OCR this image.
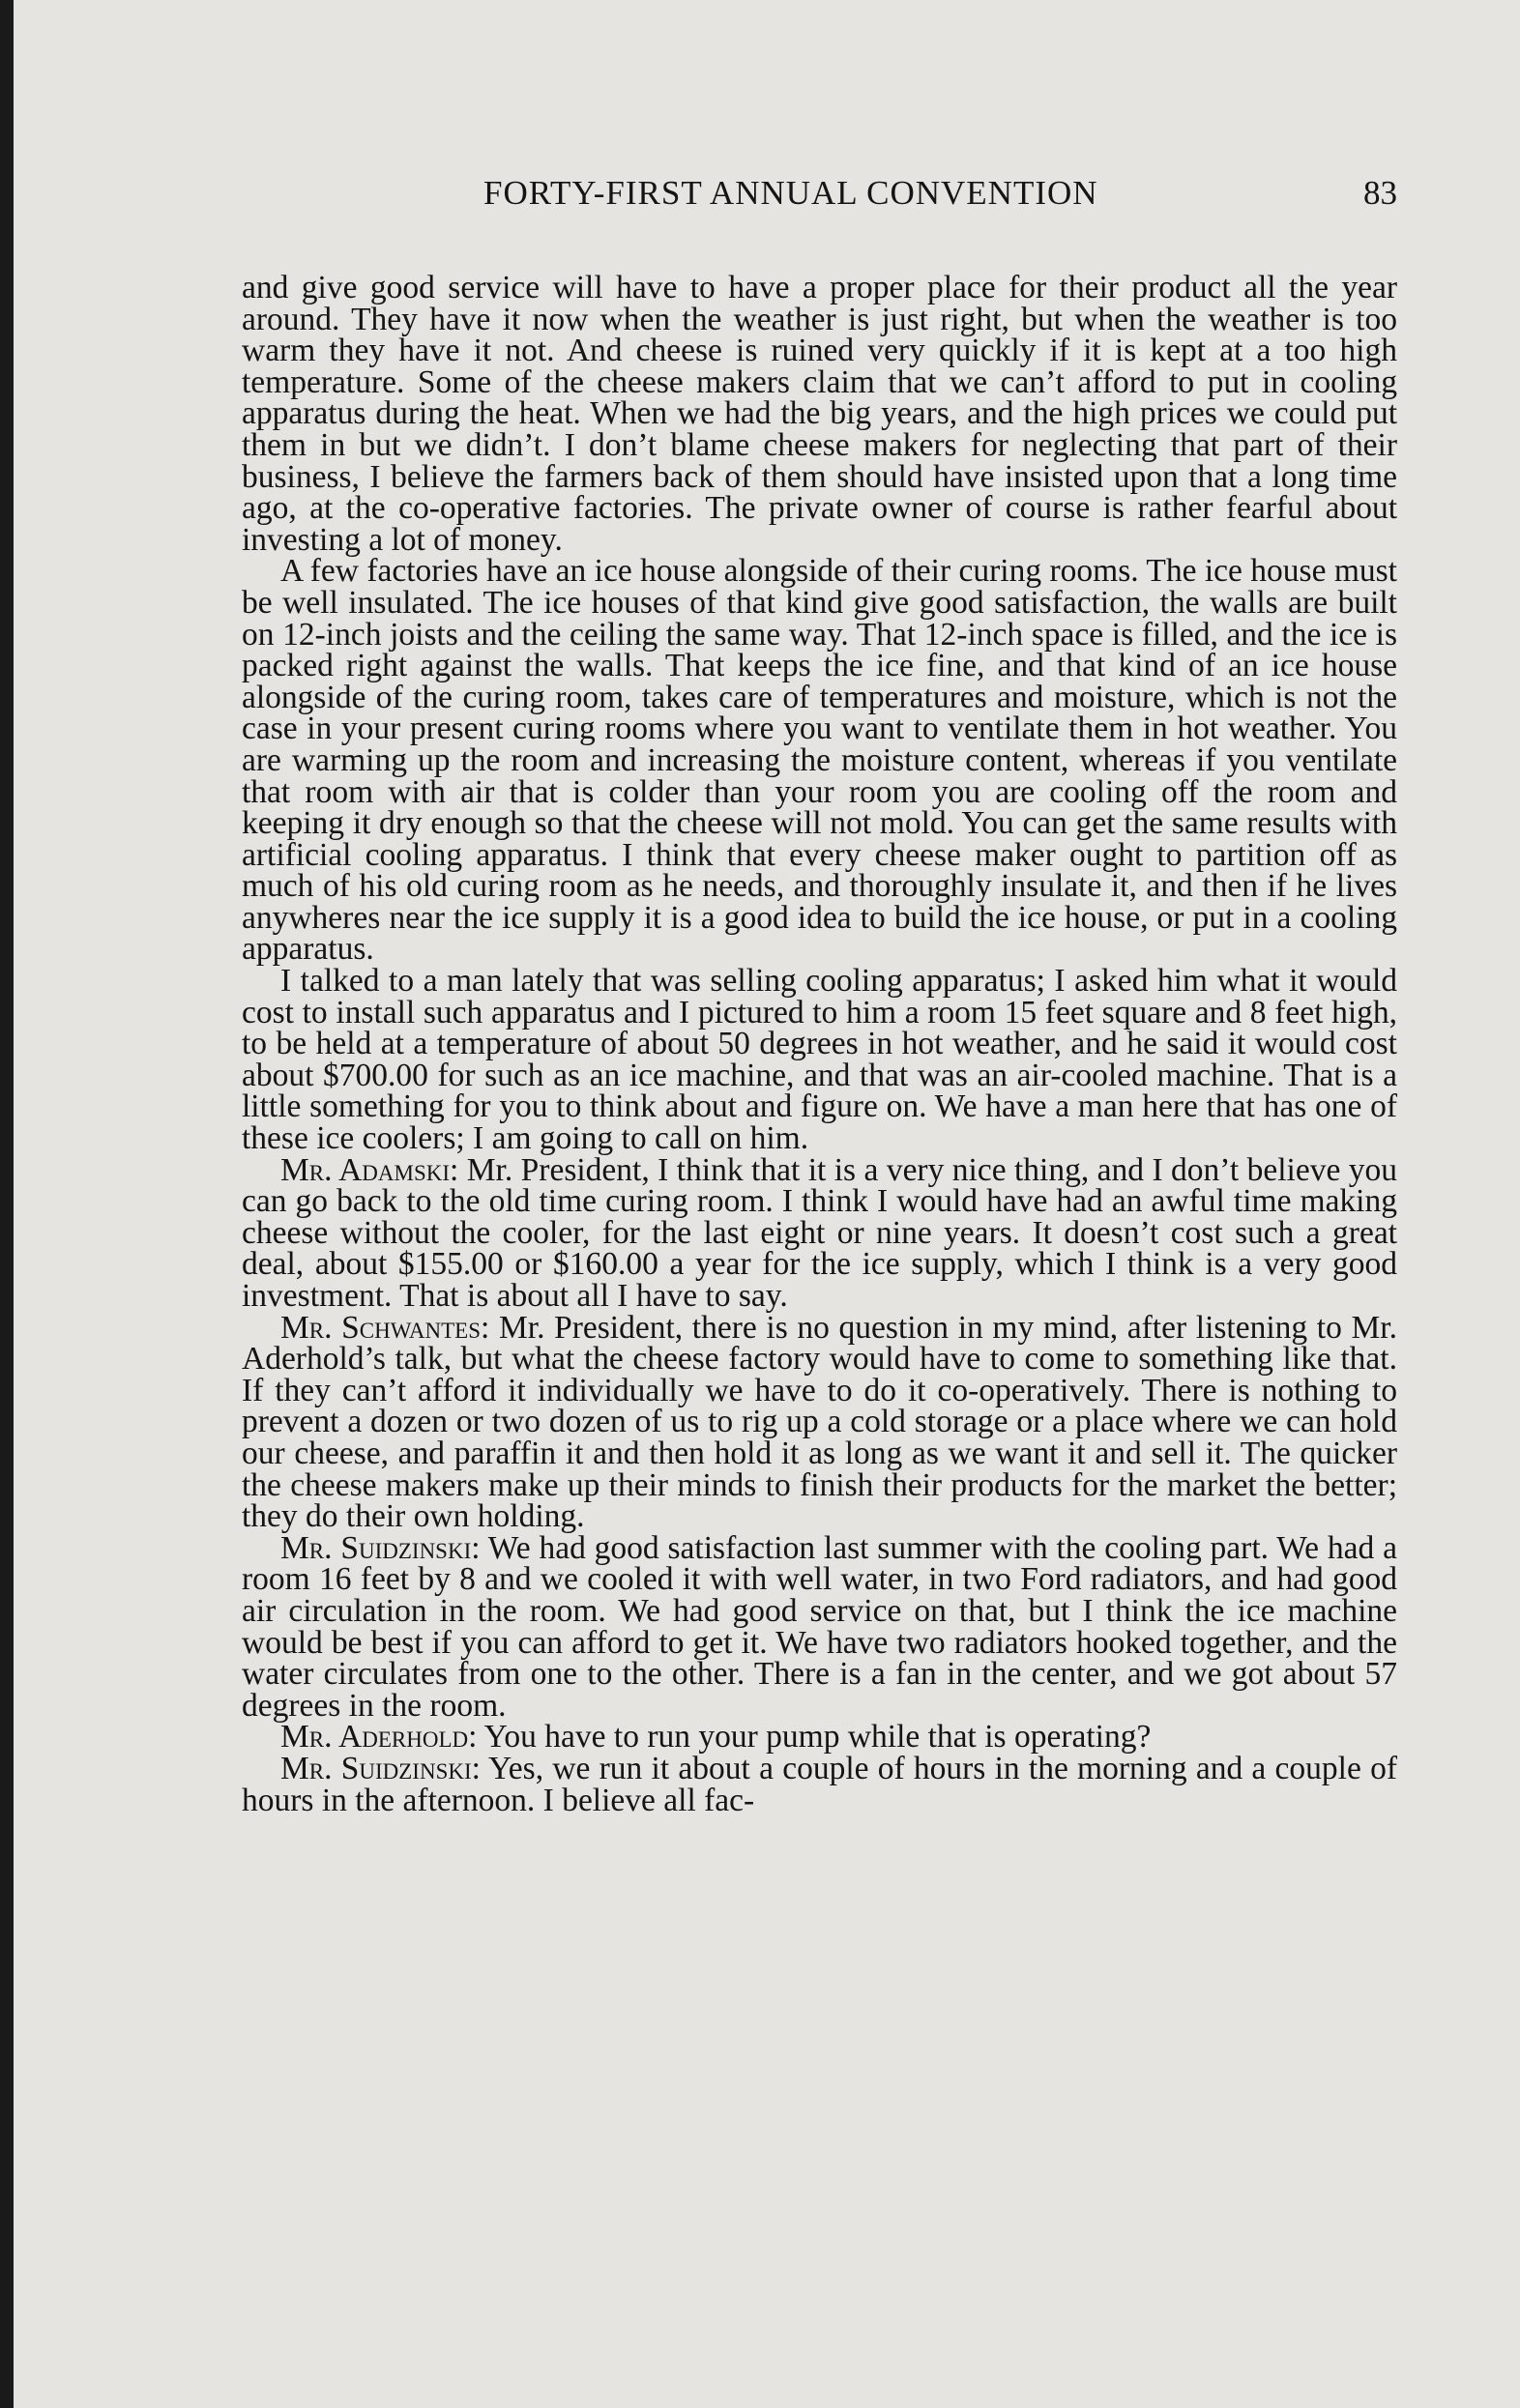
FORTY-FIRST ANNUAL CONVENTION	83

and give good service will have to have a proper place for their product all the year around. They have it now when the weather is just right, but when the weather is too warm they have it not. And cheese is ruined very quickly if it is kept at a too high temperature. Some of the cheese makers claim that we can’t afford to put in cooling apparatus during the heat. When we had the big years, and the high prices we could put them in but we didn’t. I don’t blame cheese makers for neglecting that part of their business, I believe the farmers back of them should have insisted upon that a long time ago, at the co-operative factories. The private owner of course is rather fearful about investing a lot of money.

A few factories have an ice house alongside of their curing rooms. The ice house must be well insulated. The ice houses of that kind give good satisfaction, the walls are built on 12-inch joists and the ceiling the same way. That 12-inch space is filled, and the ice is packed right against the walls. That keeps the ice fine, and that kind of an ice house alongside of the curing room, takes care of temperatures and moisture, which is not the case in your present curing rooms where you want to ventilate them in hot weather. You are warming up the room and increasing the moisture content, whereas if you ventilate that room with air that is colder than your room you are cooling off the room and keeping it dry enough so that the cheese will not mold. You can get the same results with artificial cooling apparatus. I think that every cheese maker ought to partition off as much of his old curing room as he needs, and thoroughly insulate it, and then if he lives anywheres near the ice supply it is a good idea to build the ice house, or put in a cooling apparatus.

I talked to a man lately that was selling cooling apparatus; I asked him what it would cost to install such apparatus and I pictured to him a room 15 feet square and 8 feet high, to be held at a temperature of about 50 degrees in hot weather, and he said it would cost about $700.00 for such as an ice machine, and that was an air-cooled machine. That is a little something for you to think about and figure on. We have a man here that has one of these ice coolers; I am going to call on him.

Mr. Adamski: Mr. President, I think that it is a very nice thing, and I don’t believe you can go back to the old time curing room. I think I would have had an awful time making cheese without the cooler, for the last eight or nine years. It doesn’t cost such a great deal, about $155.00 or $160.00 a year for the ice supply, which I think is a very good investment. That is about all I have to say.

Mr. Schwantes: Mr. President, there is no question in my mind, after listening to Mr. Aderhold’s talk, but what the cheese factory would have to come to something like that. If they can’t afford it individually we have to do it co-operatively. There is nothing to prevent a dozen or two dozen of us to rig up a cold storage or a place where we can hold our cheese, and paraffin it and then hold it as long as we want it and sell it. The quicker the cheese makers make up their minds to finish their products for the market the better; they do their own holding.

Mr. Suidzinski: We had good satisfaction last summer with the cooling part. We had a room 16 feet by 8 and we cooled it with well water, in two Ford radiators, and had good air circulation in the room. We had good service on that, but I think the ice machine would be best if you can afford to get it. We have two radiators hooked together, and the water circulates from one to the other. There is a fan in the center, and we got about 57 degrees in the room.

Mr. Aderhold: You have to run your pump while that is operating?

Mr. Suidzinski: Yes, we run it about a couple of hours in the morning and a couple of hours in the afternoon. I believe all fac-
